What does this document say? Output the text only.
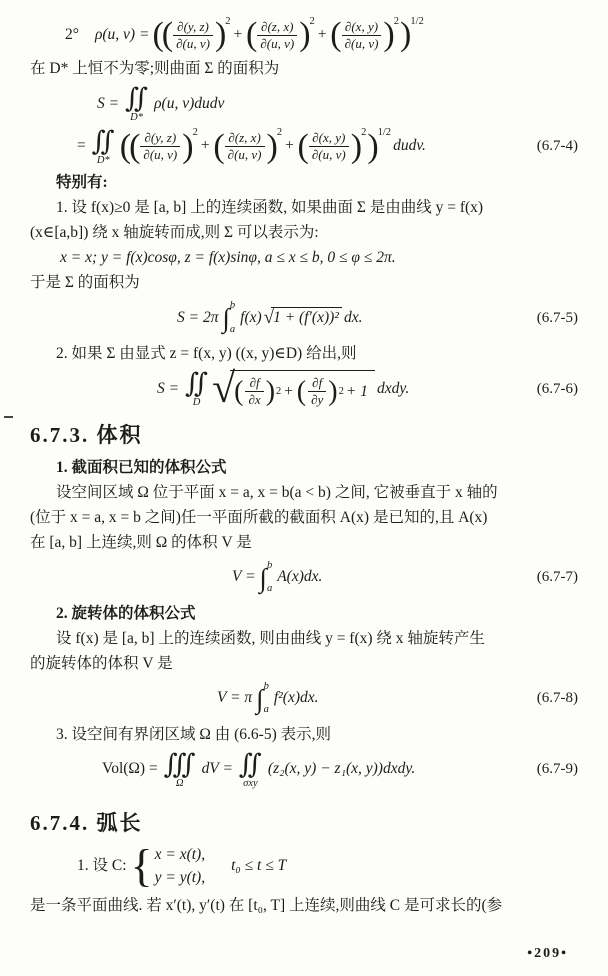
2° ρ(u, v) =(( $\frac{\partial(y, z)}{\partial(u, v)} )^2+( \frac{\partial(z, x)}{\partial(u, v)} )^2+( \frac{\partial(x, y)}{\partial(u, v)} )^2)^{1/2}$
在 D* 上恒不为零;则曲面 Σ 的面积为
S = ∬
D*
ρ(u, v)dudv
= ∬
D* (( $\frac{\partial(y, z)}{\partial(u, v)} )^2+( \frac{\partial(z, x)}{\partial(u, v)} )^2+( \frac{\partial(x, y)}{\partial(u, v)}$ )$^2)^{1/2}dudv$.	(6.7-4)
特别有:
1. 设 f(x)≥0 是 [a, b] 上的连续函数, 如果曲面 Σ 是由曲线 y = f(x)
(x∈[a,b]) 绕 x 轴旋转而成,则 Σ 可以表示为:
x = x; y = f(x)cosφ, z = f(x)sinφ, a ≤ x ≤ b, 0 ≤ φ ≤ 2π.
于是 Σ 的面积为
S = 2π ∫ b
a
f(x) √1 + (f′(x))² dx.	(6.7-5)
2. 如果 Σ 由显式 z = f(x, y) ((x, y)∈D) 给出,则
S = ∬
D √ ( $\frac{\partial f}{\partial x}$ ) 2 + ( $\frac{\partial f}{\partial y}$ ) 2 + 1 dxdy.	(6.7-6)
6.7.3. 体积
1. 截面积已知的体积公式
设空间区域 Ω 位于平面 x = a, x = b(a < b) 之间, 它被垂直于 x 轴的
(位于 x = a, x = b 之间)任一平面所截的截面积 A(x) 是已知的,且 A(x)
在 [a, b] 上连续,则 Ω 的体积 V 是
V = ∫ b
a
A(x)dx.	(6.7-7)
2. 旋转体的体积公式
设 f(x) 是 [a, b] 上的连续函数, 则由曲线 y = f(x) 绕 x 轴旋转产生
的旋转体的体积 V 是
V = π ∫ b
a
f²(x)dx.	(6.7-8)
3. 设空间有界闭区域 Ω 由 (6.6-5) 表示,则
Vol(Ω) = ∭
Ω
dV = ∬
σxy
(z₂(x, y) − z₁(x, y))dxdy.	(6.7-9)
6.7.4. 弧长
1. 设 C:{ x = x(t),
y = y(t),
t₀ ≤ t ≤ T
是一条平面曲线. 若 x′(t), y′(t) 在 [t₀, T] 上连续,则曲线 C 是可求长的(参
•209•
